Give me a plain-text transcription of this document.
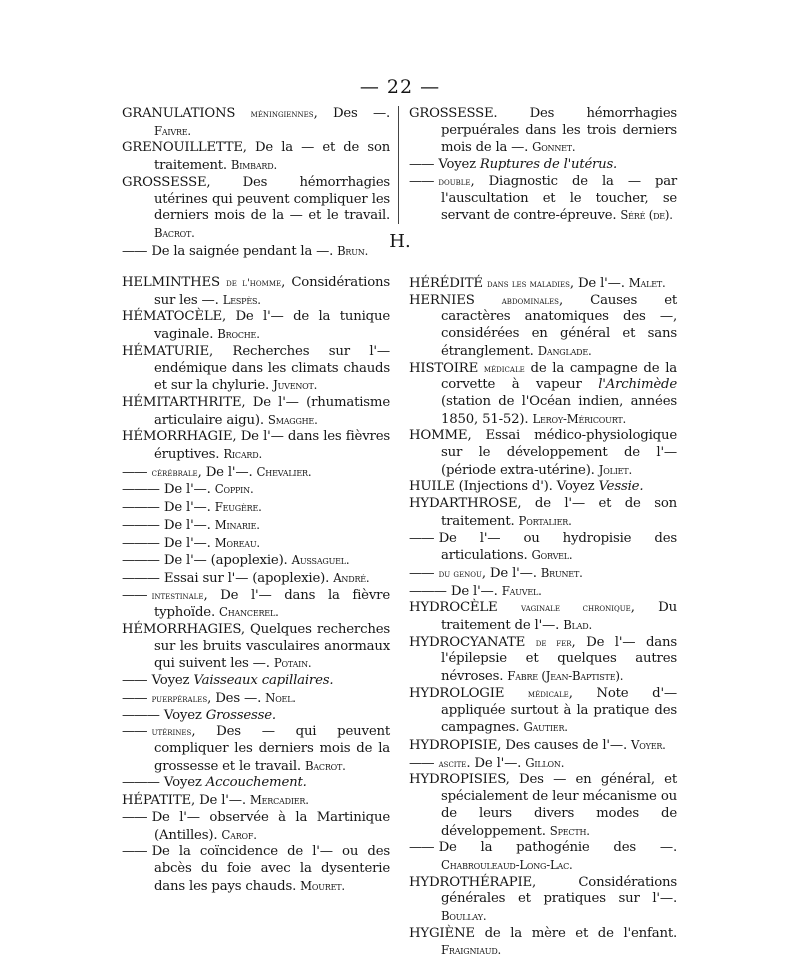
— 22 —

GRANULATIONS méningiennes, Des —. Faivre.

GRENOUILLETTE, De la — et de son traitement. Bimbard.

GROSSESSE, Des hémorrhagies utérines qui peuvent compliquer les derniers mois de la — et le travail. Bacrot.

—— De la saignée pendant la —. Brun.

GROSSESSE. Des hémorrhagies perpuérales dans les trois derniers mois de la —. Gonnet.

—— Voyez Ruptures de l'utérus.

—— double, Diagnostic de la — par l'auscultation et le toucher, se servant de contre-épreuve. Séré (de).

H.

HELMINTHES de l'homme, Considérations sur les —. Lespès.

HÉMATOCÈLE, De l'— de la tunique vaginale. Broche.

HÉMATURIE, Recherches sur l'— endémique dans les climats chauds et sur la chylurie. Juvenot.

HÉMITARTHRITE, De l'— (rhumatisme articulaire aigu). Smagghe.

HÉMORRHAGIE, De l'— dans les fièvres éruptives. Ricard.

—— cérébrale, De l'—. Chevalier.

——— De l'—. Coppin.

——— De l'—. Feugère.

——— De l'—. Minarie.

——— De l'—. Moreau.

——— De l'— (apoplexie). Aussaguel.

——— Essai sur l'— (apoplexie). André.

—— intestinale, De l'— dans la fièvre typhoïde. Chancerel.

HÉMORRHAGIES, Quelques recherches sur les bruits vasculaires anormaux qui suivent les —. Potain.

—— Voyez Vaisseaux capillaires.

—— puerpérales, Des —. Noel.

——— Voyez Grossesse.

—— utérines, Des — qui peuvent compliquer les derniers mois de la grossesse et le travail. Bacrot.

——— Voyez Accouchement.

HÉPATITE, De l'—. Mercadier.

—— De l'— observée à la Martinique (Antilles). Carof.

—— De la coïncidence de l'— ou des abcès du foie avec la dysenterie dans les pays chauds. Mouret.

HÉRÉDITÉ dans les maladies, De l'—. Malet.

HERNIES	abdominales, Causes et caractères anatomiques des —, considérées en général et sans étranglement. Danglade.

HISTOIRE médicale de la campagne de la corvette à vapeur l'Archimède (station de l'Océan indien, années 1850, 51-52). Leroy-Méricourt.

HOMME, Essai médico-physiologique sur le développement de l'— (période extra-utérine). Joliet.

HUILE (Injections d'). Voyez Vessie.

HYDARTHROSE, de l'— et de son traitement. Portalier.

—— De l'— ou hydropisie des articulations. Gorvel.

—— du genou, De l'—. Brunet.

——— De l'—. Fauvel.

HYDROCÈLE vaginale chronique, Du traitement de l'—. Blad.

HYDROCYANATE de fer, De l'— dans l'épilepsie et quelques autres névroses. Fabre (Jean-Baptiste).

HYDROLOGIE médicale, Note d'— appliquée surtout à la pratique des campagnes. Gautier.

HYDROPISIE, Des causes de l'—. Voyer.

—— ascite. De l'—. Gillon.

HYDROPISIES, Des — en général, et spécialement de leur mécanisme ou de leurs divers modes de développement. Specth.

—— De la pathogénie des —. Chabrouleaud-Long-Lac.

HYDROTHÉRAPIE, Considérations générales et pratiques sur l'—. Boullay.

HYGIÈNE de la mère et de l'enfant. Fraigniaud.
